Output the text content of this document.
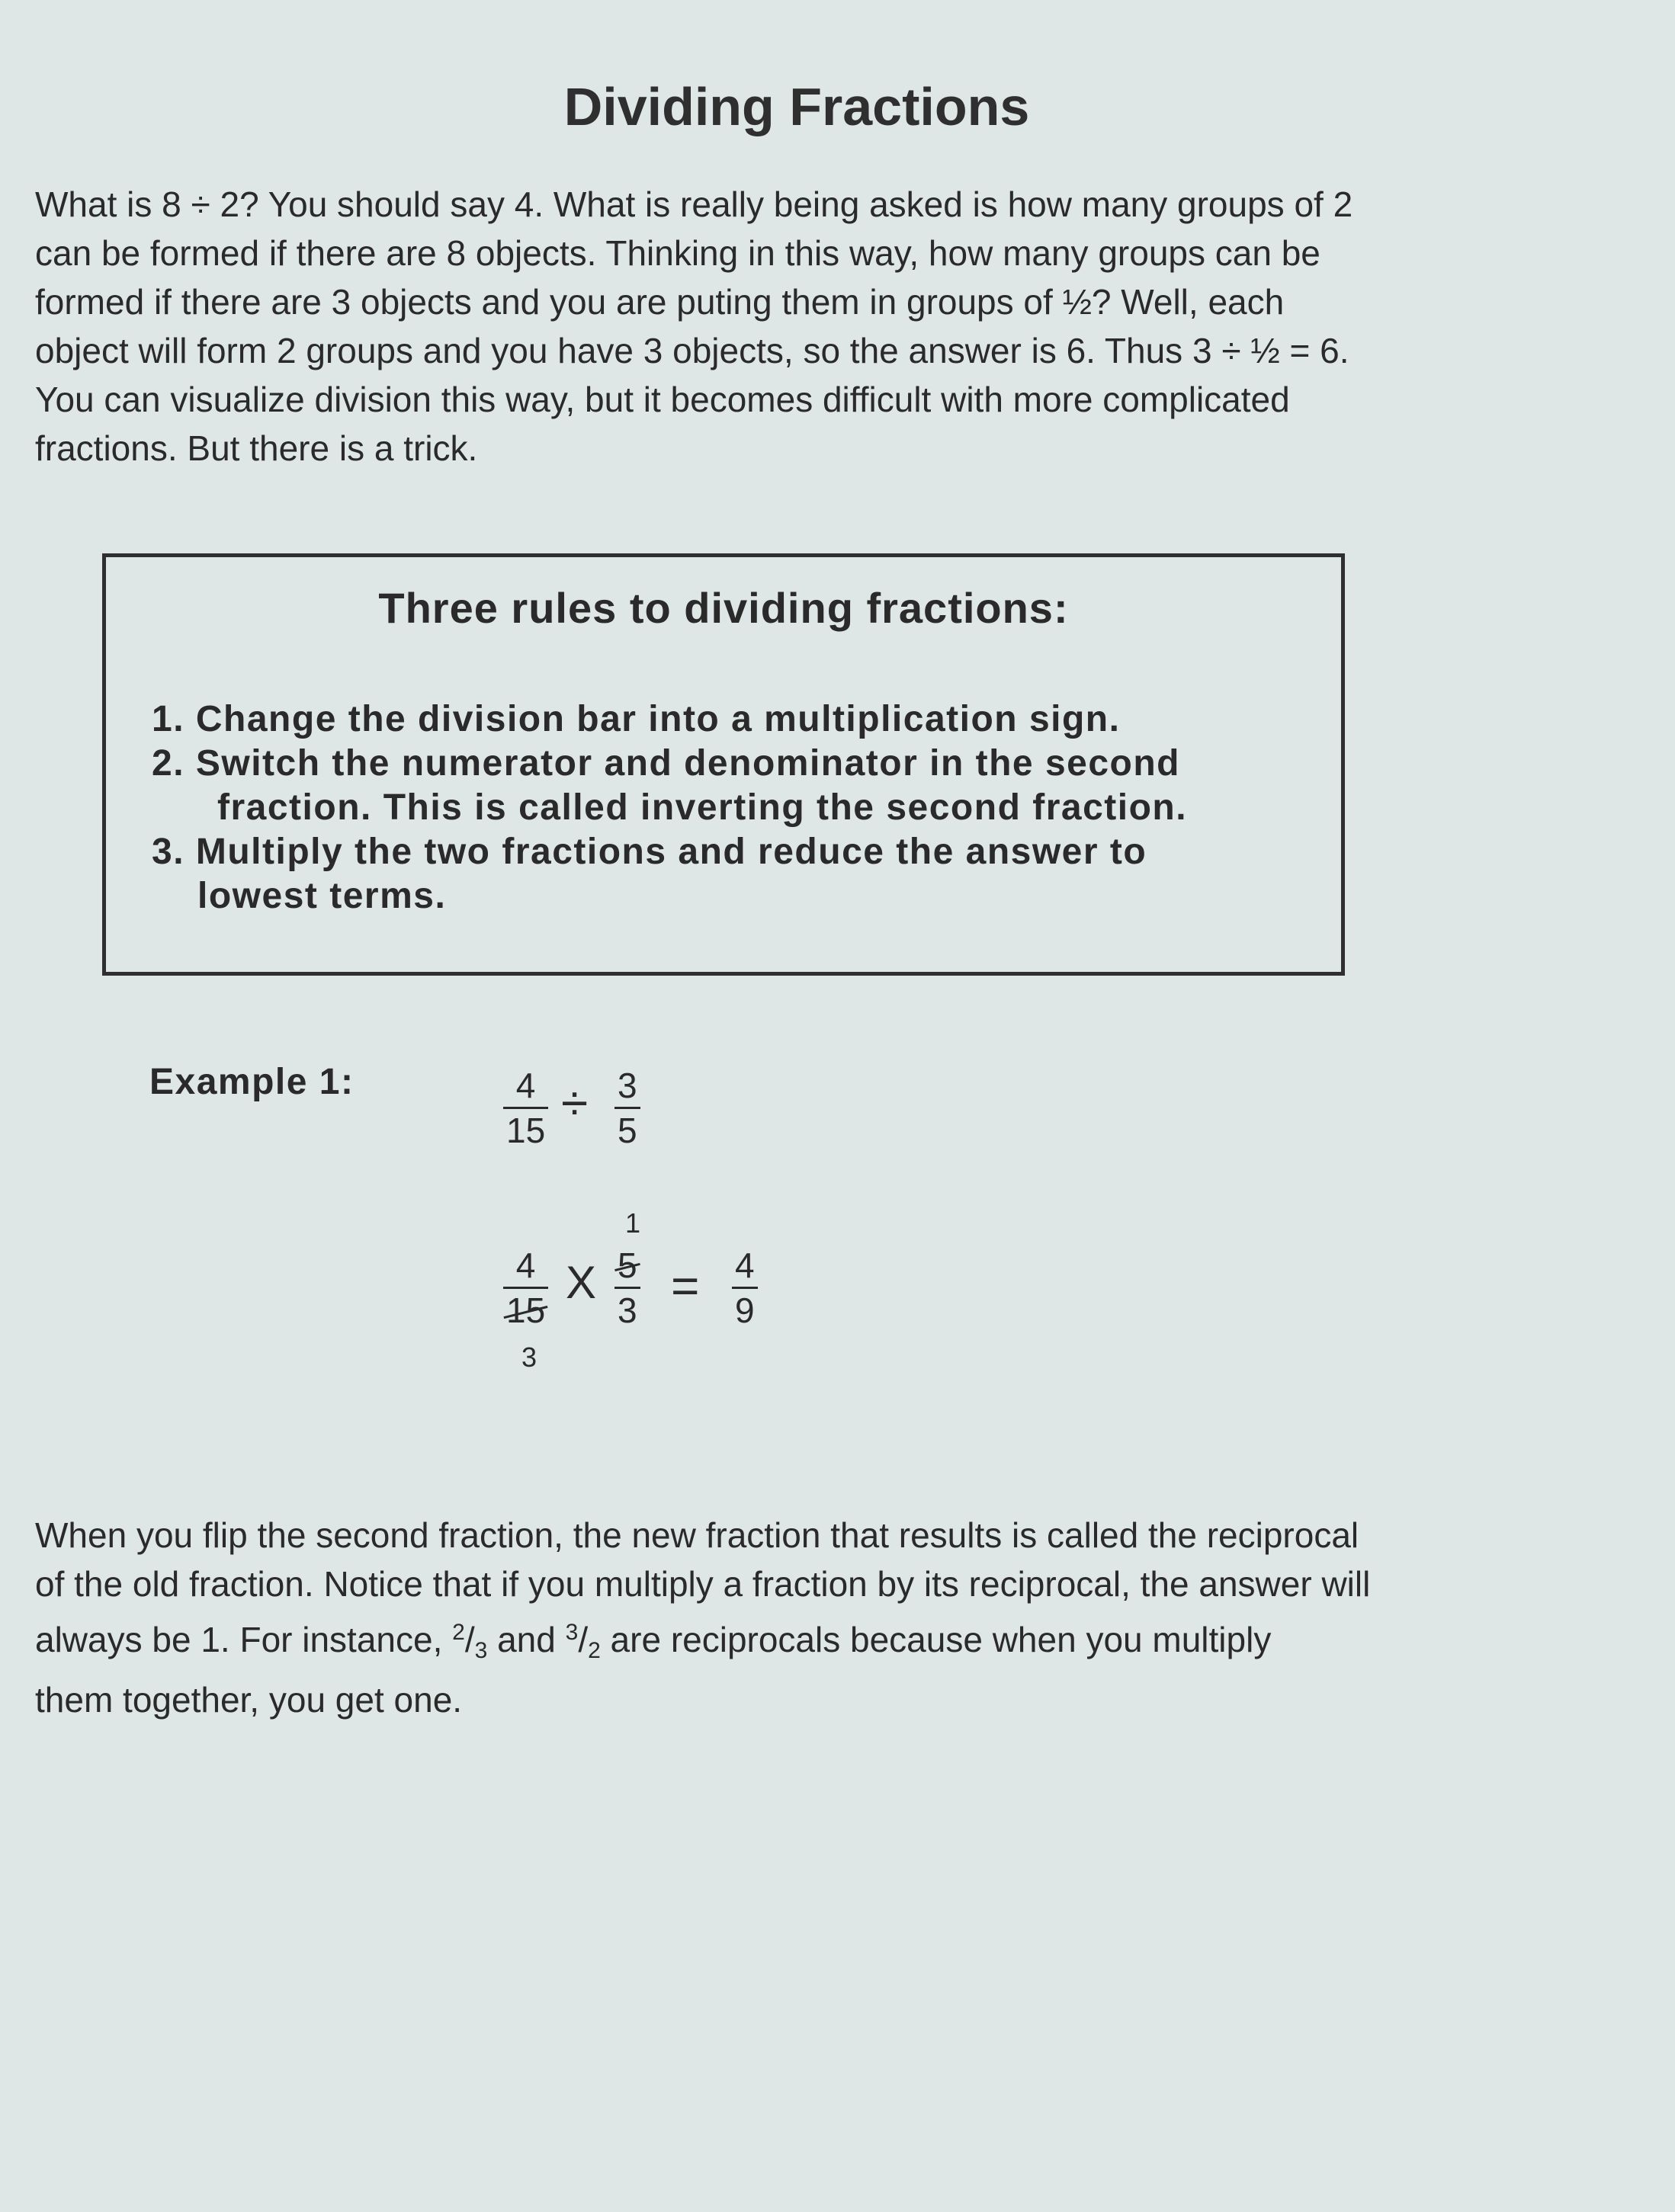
Dividing Fractions

What is 8 ÷ 2? You should say 4. What is really being asked is how many groups of 2
can be formed if there are 8 objects. Thinking in this way, how many groups can be
formed if there are 3 objects and you are puting them in groups of ½? Well, each
object will form 2 groups and you have 3 objects, so the answer is 6. Thus 3 ÷ ½ = 6.
You can visualize division this way, but it becomes difficult with more complicated
fractions. But there is a trick.

Three rules to dividing fractions:
1. Change the division bar into a multiplication sign.
2. Switch the numerator and denominator in the second
fraction. This is called inverting the second fraction.
3. Multiply the two fractions and reduce the answer to
lowest terms.
Example 1:	$\frac{4}{15} \div \frac{3}{5}$
1
$\frac{4}{15}$ X $\frac{5}{3} = \frac{4}{9}$
3

When you flip the second fraction, the new fraction that results is called the reciprocal
of the old fraction. Notice that if you multiply a fraction by its reciprocal, the answer will
always be 1. For instance, $^2/_3$ and $^3/_2$ are reciprocals because when you multiply
them together, you get one.
